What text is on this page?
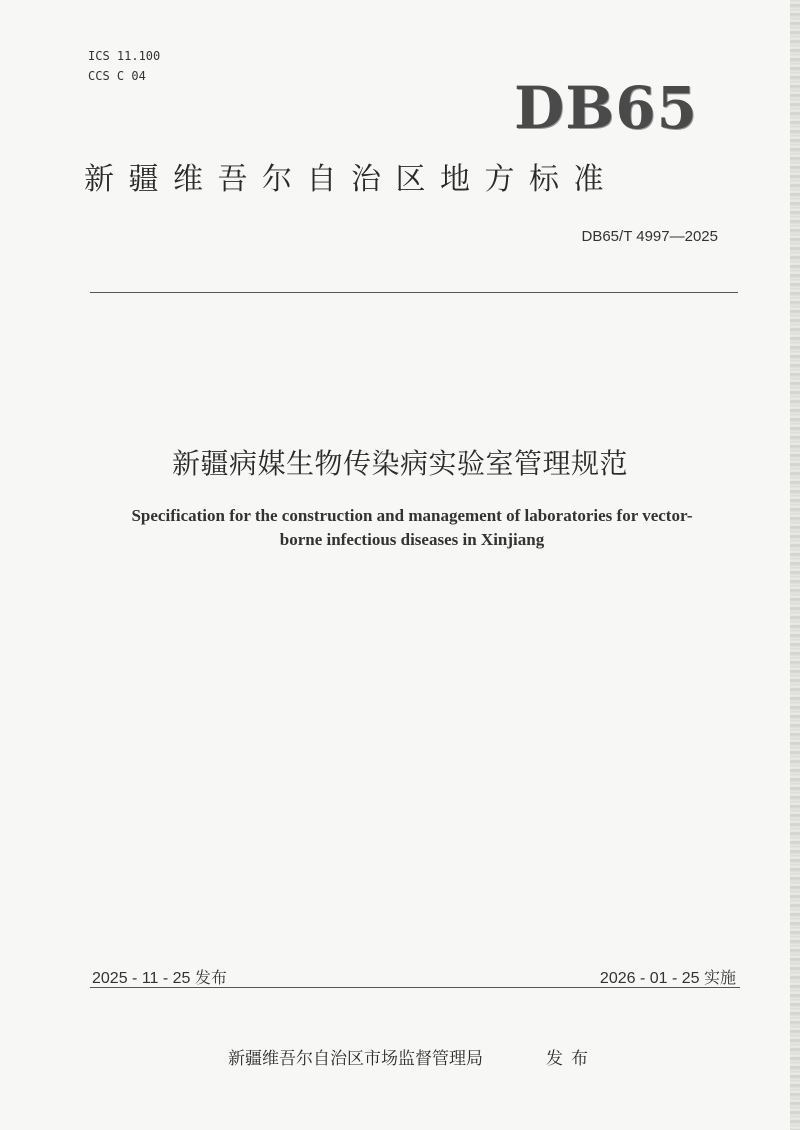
ICS 11.100
CCS C 04	DB65
新疆维吾尔自治区地方标准
DB65/T 4997—2025
新疆病媒生物传染病实验室管理规范
Specification for the construction and management of laboratories for vector-
borne infectious diseases in Xinjiang
2025 - 11 - 25 发布	2026 - 01 - 25 实施
新疆维吾尔自治区市场监督管理局	发布
